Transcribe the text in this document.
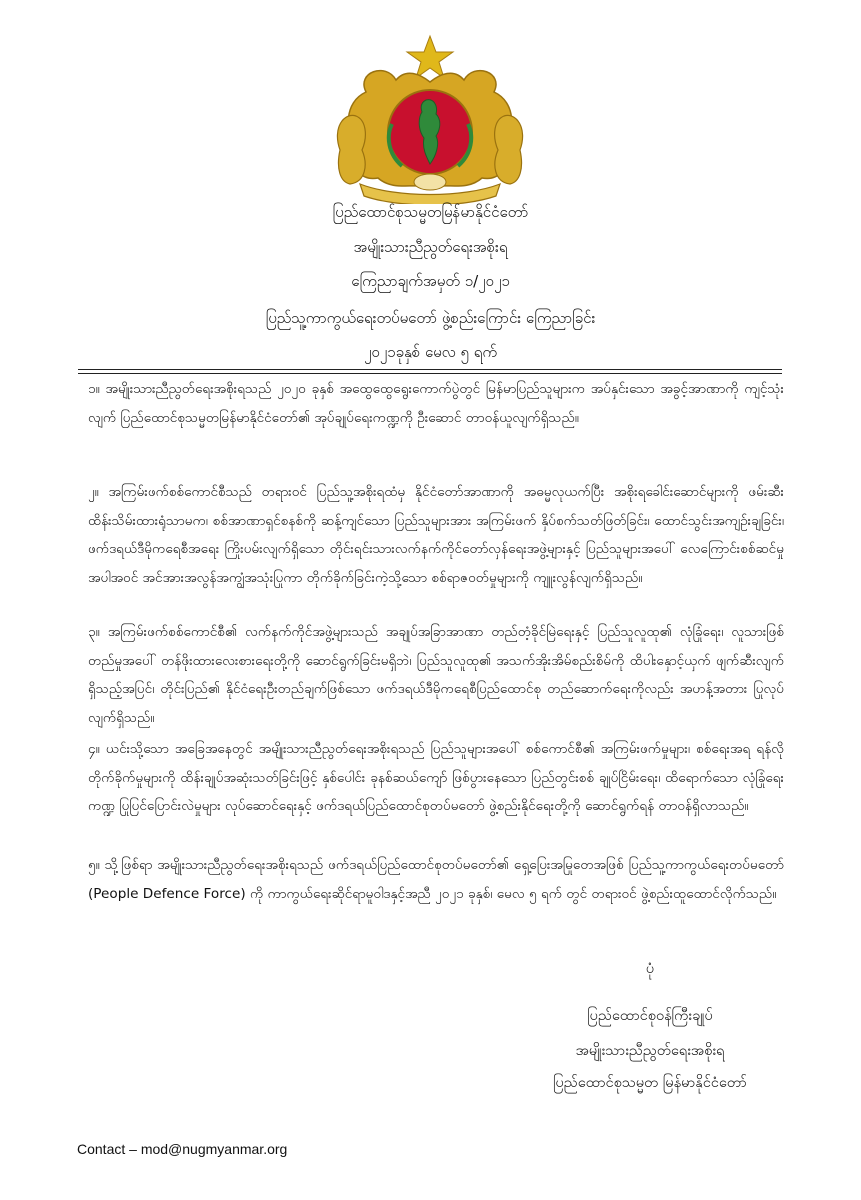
ပြည်ထောင်စုသမ္မတမြန်မာနိုင်ငံတော်
အမျိုးသားညီညွတ်ရေးအစိုးရ
ကြေညာချက်အမှတ် ၁/၂၀၂၁
ပြည်သူ့ကာကွယ်ရေးတပ်မတော် ဖွဲ့စည်းကြောင်း ကြေညာခြင်း
၂၀၂၁ခုနှစ် မေလ ၅ ရက်

၁။ အမျိုးသားညီညွတ်ရေးအစိုးရသည် ၂၀၂၀ ခုနှစ် အထွေထွေရွေးကောက်ပွဲတွင် မြန်မာပြည်သူများက အပ်နှင်းသော အခွင့်အာဏာကို ကျင့်သုံးလျက် ပြည်ထောင်စုသမ္မတမြန်မာနိုင်ငံတော်၏ အုပ်ချုပ်ရေးကဏ္ဍကို ဦးဆောင် တာဝန်ယူလျက်ရှိသည်။

၂။ အကြမ်းဖက်စစ်ကောင်စီသည် တရားဝင် ပြည်သူ့အစိုးရထံမှ နိုင်ငံတော်အာဏာကို အဓမ္မလုယက်ပြီး အစိုးရခေါင်းဆောင်များကို ဖမ်းဆီးထိန်းသိမ်းထားရုံသာမက၊ စစ်အာဏာရှင်စနစ်ကို ဆန့်ကျင်သော ပြည်သူများအား အကြမ်းဖက် နှိပ်စက်သတ်ဖြတ်ခြင်း၊ ထောင်သွင်းအကျဉ်းချခြင်း၊ ဖက်ဒရယ်ဒီမိုကရေစီအရေး ကြိုးပမ်းလျက်ရှိသော တိုင်းရင်းသားလက်နက်ကိုင်တော်လှန်ရေးအဖွဲ့များနှင့် ပြည်သူများအပေါ် လေကြောင်းစစ်ဆင်မှု အပါအဝင် အင်အားအလွန်အကျွံအသုံးပြုကာ တိုက်ခိုက်ခြင်းကဲ့သို့သော စစ်ရာဇဝတ်မှုများကို ကျူးလွန်လျက်ရှိသည်။

၃။ အကြမ်းဖက်စစ်ကောင်စီ၏ လက်နက်ကိုင်အဖွဲ့များသည် အချုပ်အခြာအာဏာ တည်တံ့ခိုင်မြဲရေးနှင့် ပြည်သူလူထု၏ လုံခြုံရေး၊ လူသားဖြစ်တည်မှုအပေါ် တန်ဖိုးထားလေးစားရေးတို့ကို ဆောင်ရွက်ခြင်းမရှိဘဲ၊ ပြည်သူလူထု၏ အသက်အိုးအိမ်စည်းစိမ်ကို ထိပါးနှောင့်ယှက် ဖျက်ဆီးလျက်ရှိသည့်အပြင်၊ တိုင်းပြည်၏ နိုင်ငံရေးဦးတည်ချက်ဖြစ်သော ဖက်ဒရယ်ဒီမိုကရေစီပြည်ထောင်စု တည်ဆောက်ရေးကိုလည်း အဟန့်အတား ပြုလုပ်လျက်ရှိသည်။

၄။ ယင်းသို့သော အခြေအနေတွင် အမျိုးသားညီညွတ်ရေးအစိုးရသည် ပြည်သူများအပေါ် စစ်ကောင်စီ၏ အကြမ်းဖက်မှုများ၊ စစ်ရေးအရ ရန်လိုတိုက်ခိုက်မှုများကို ထိန်းချုပ်အဆုံးသတ်ခြင်းဖြင့် နှစ်ပေါင်း ခုနစ်ဆယ်ကျော် ဖြစ်ပွားနေသော ပြည်တွင်းစစ် ချုပ်ငြိမ်းရေး၊ ထိရောက်သော လုံခြုံရေးကဏ္ဍ ပြုပြင်ပြောင်းလဲမှုများ လုပ်ဆောင်ရေးနှင့် ဖက်ဒရယ်ပြည်ထောင်စုတပ်မတော် ဖွဲ့စည်းနိုင်ရေးတို့ကို ဆောင်ရွက်ရန် တာဝန်ရှိလာသည်။

၅။ သို့ဖြစ်ရာ အမျိုးသားညီညွတ်ရေးအစိုးရသည် ဖက်ဒရယ်ပြည်ထောင်စုတပ်မတော်၏ ရှေ့ပြေးအမြုတေအဖြစ် ပြည်သူ့ကာကွယ်ရေးတပ်မတော် (People Defence Force) ကို ကာကွယ်ရေးဆိုင်ရာမူဝါဒနှင့်အညီ ၂၀၂၁ ခုနှစ်၊ မေလ ၅ ရက် တွင် တရားဝင် ဖွဲ့စည်းထူထောင်လိုက်သည်။

ပုံ
ပြည်ထောင်စုဝန်ကြီးချုပ်
အမျိုးသားညီညွတ်ရေးအစိုးရ
ပြည်ထောင်စုသမ္မတ မြန်မာနိုင်ငံတော်
Contact – mod@nugmyanmar.org
